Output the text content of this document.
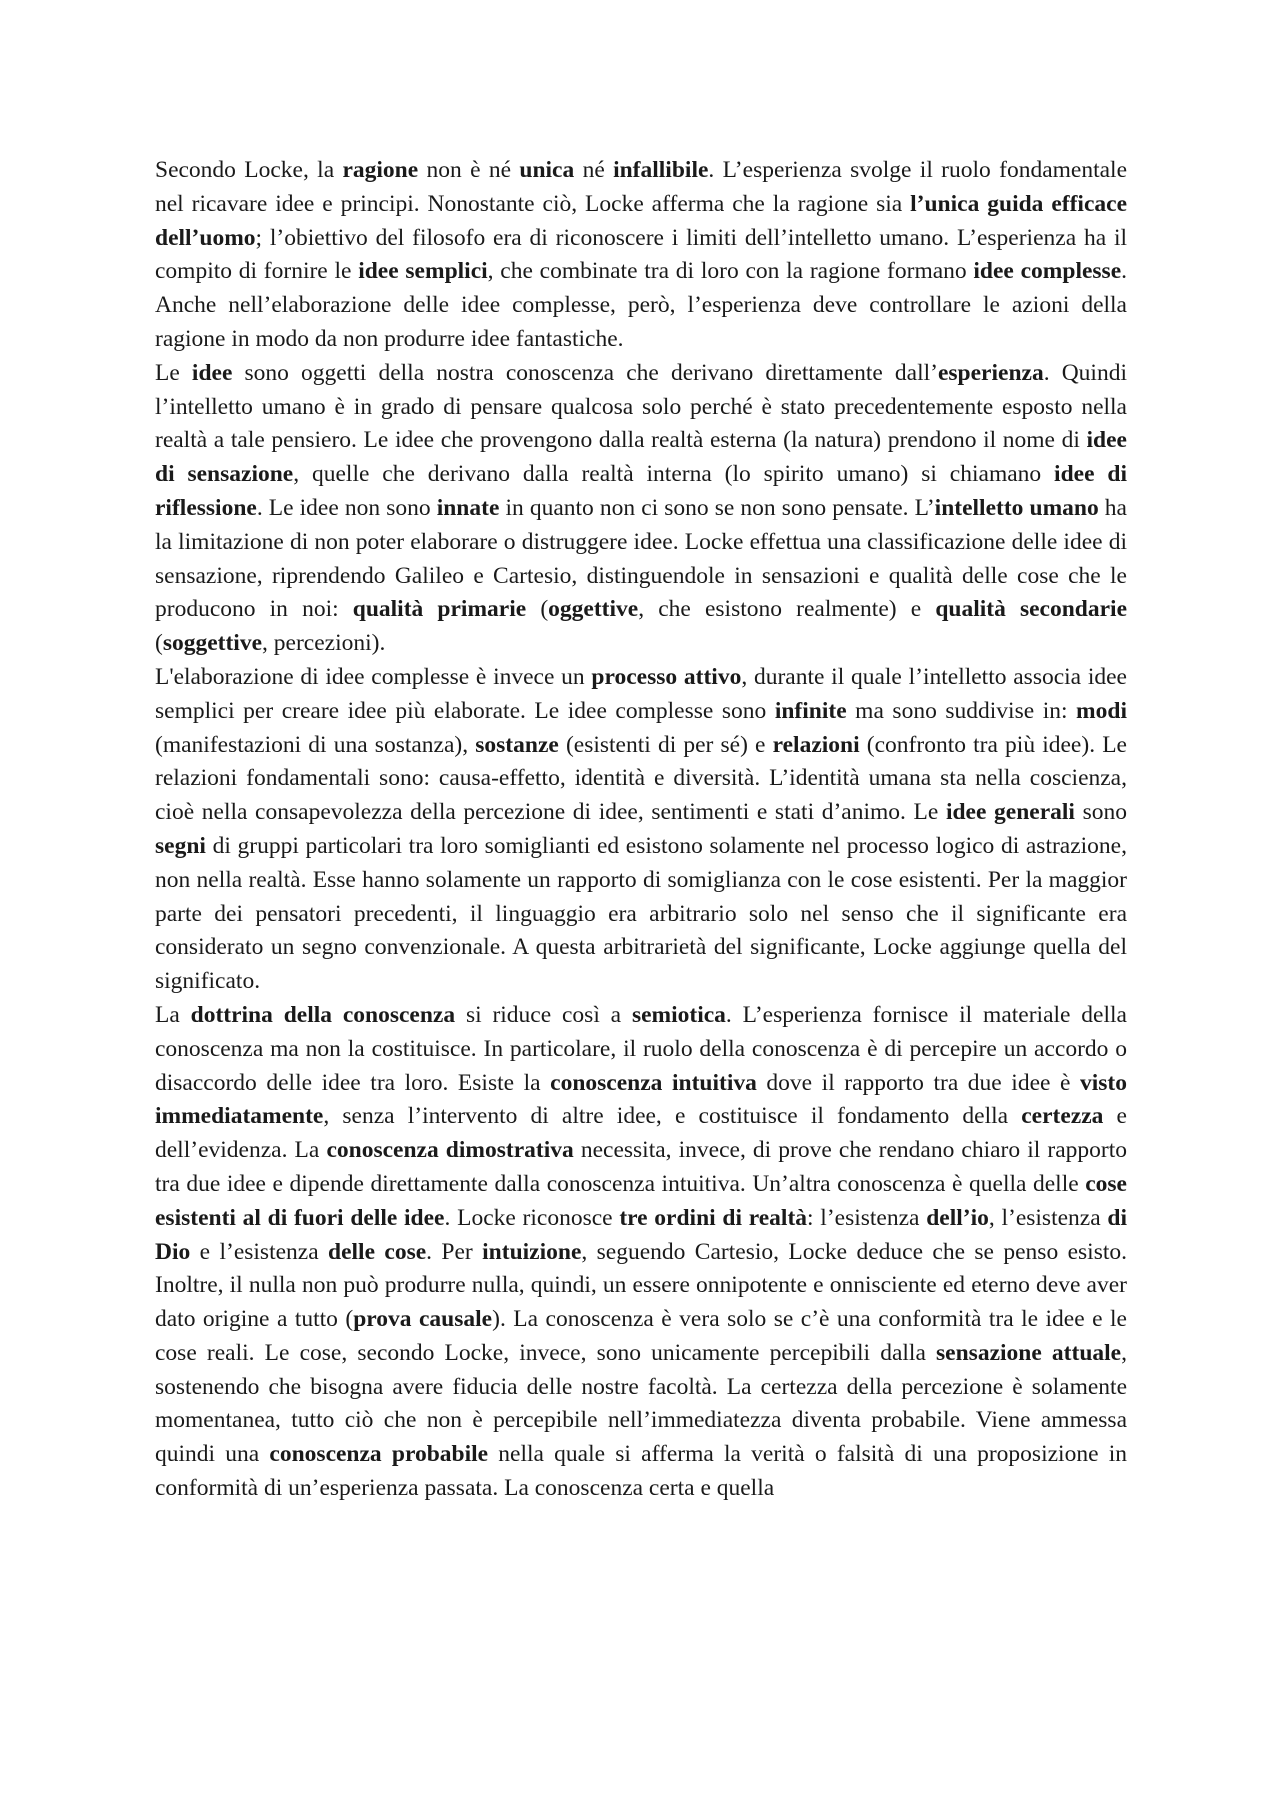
Secondo Locke, la ragione non è né unica né infallibile. L’esperienza svolge il ruolo fondamentale nel ricavare idee e principi. Nonostante ciò, Locke afferma che la ragione sia l’unica guida efficace dell’uomo; l’obiettivo del filosofo era di riconoscere i limiti dell’intelletto umano. L’esperienza ha il compito di fornire le idee semplici, che combinate tra di loro con la ragione formano idee complesse. Anche nell’elaborazione delle idee complesse, però, l’esperienza deve controllare le azioni della ragione in modo da non produrre idee fantastiche.

Le idee sono oggetti della nostra conoscenza che derivano direttamente dall’esperienza. Quindi l’intelletto umano è in grado di pensare qualcosa solo perché è stato precedentemente esposto nella realtà a tale pensiero. Le idee che provengono dalla realtà esterna (la natura) prendono il nome di idee di sensazione, quelle che derivano dalla realtà interna (lo spirito umano) si chiamano idee di riflessione. Le idee non sono innate in quanto non ci sono se non sono pensate. L’intelletto umano ha la limitazione di non poter elaborare o distruggere idee. Locke effettua una classificazione delle idee di sensazione, riprendendo Galileo e Cartesio, distinguendole in sensazioni e qualità delle cose che le producono in noi: qualità primarie (oggettive, che esistono realmente) e qualità secondarie (soggettive, percezioni).

L'elaborazione di idee complesse è invece un processo attivo, durante il quale l’intelletto associa idee semplici per creare idee più elaborate. Le idee complesse sono infinite ma sono suddivise in: modi (manifestazioni di una sostanza), sostanze (esistenti di per sé) e relazioni (confronto tra più idee). Le relazioni fondamentali sono: causa-effetto, identità e diversità. L’identità umana sta nella coscienza, cioè nella consapevolezza della percezione di idee, sentimenti e stati d’animo. Le idee generali sono segni di gruppi particolari tra loro somiglianti ed esistono solamente nel processo logico di astrazione, non nella realtà. Esse hanno solamente un rapporto di somiglianza con le cose esistenti. Per la maggior parte dei pensatori precedenti, il linguaggio era arbitrario solo nel senso che il significante era considerato un segno convenzionale. A questa arbitrarietà del significante, Locke aggiunge quella del significato.

La dottrina della conoscenza si riduce così a semiotica. L’esperienza fornisce il materiale della conoscenza ma non la costituisce. In particolare, il ruolo della conoscenza è di percepire un accordo o disaccordo delle idee tra loro. Esiste la conoscenza intuitiva dove il rapporto tra due idee è visto immediatamente, senza l’intervento di altre idee, e costituisce il fondamento della certezza e dell’evidenza. La conoscenza dimostrativa necessita, invece, di prove che rendano chiaro il rapporto tra due idee e dipende direttamente dalla conoscenza intuitiva. Un’altra conoscenza è quella delle cose esistenti al di fuori delle idee. Locke riconosce tre ordini di realtà: l’esistenza dell’io, l’esistenza di Dio e l’esistenza delle cose. Per intuizione, seguendo Cartesio, Locke deduce che se penso esisto. Inoltre, il nulla non può produrre nulla, quindi, un essere onnipotente e onnisciente ed eterno deve aver dato origine a tutto (prova causale). La conoscenza è vera solo se c’è una conformità tra le idee e le cose reali. Le cose, secondo Locke, invece, sono unicamente percepibili dalla sensazione attuale, sostenendo che bisogna avere fiducia delle nostre facoltà. La certezza della percezione è solamente momentanea, tutto ciò che non è percepibile nell’immediatezza diventa probabile. Viene ammessa quindi una conoscenza probabile nella quale si afferma la verità o falsità di una proposizione in conformità di un’esperienza passata. La conoscenza certa e quella
